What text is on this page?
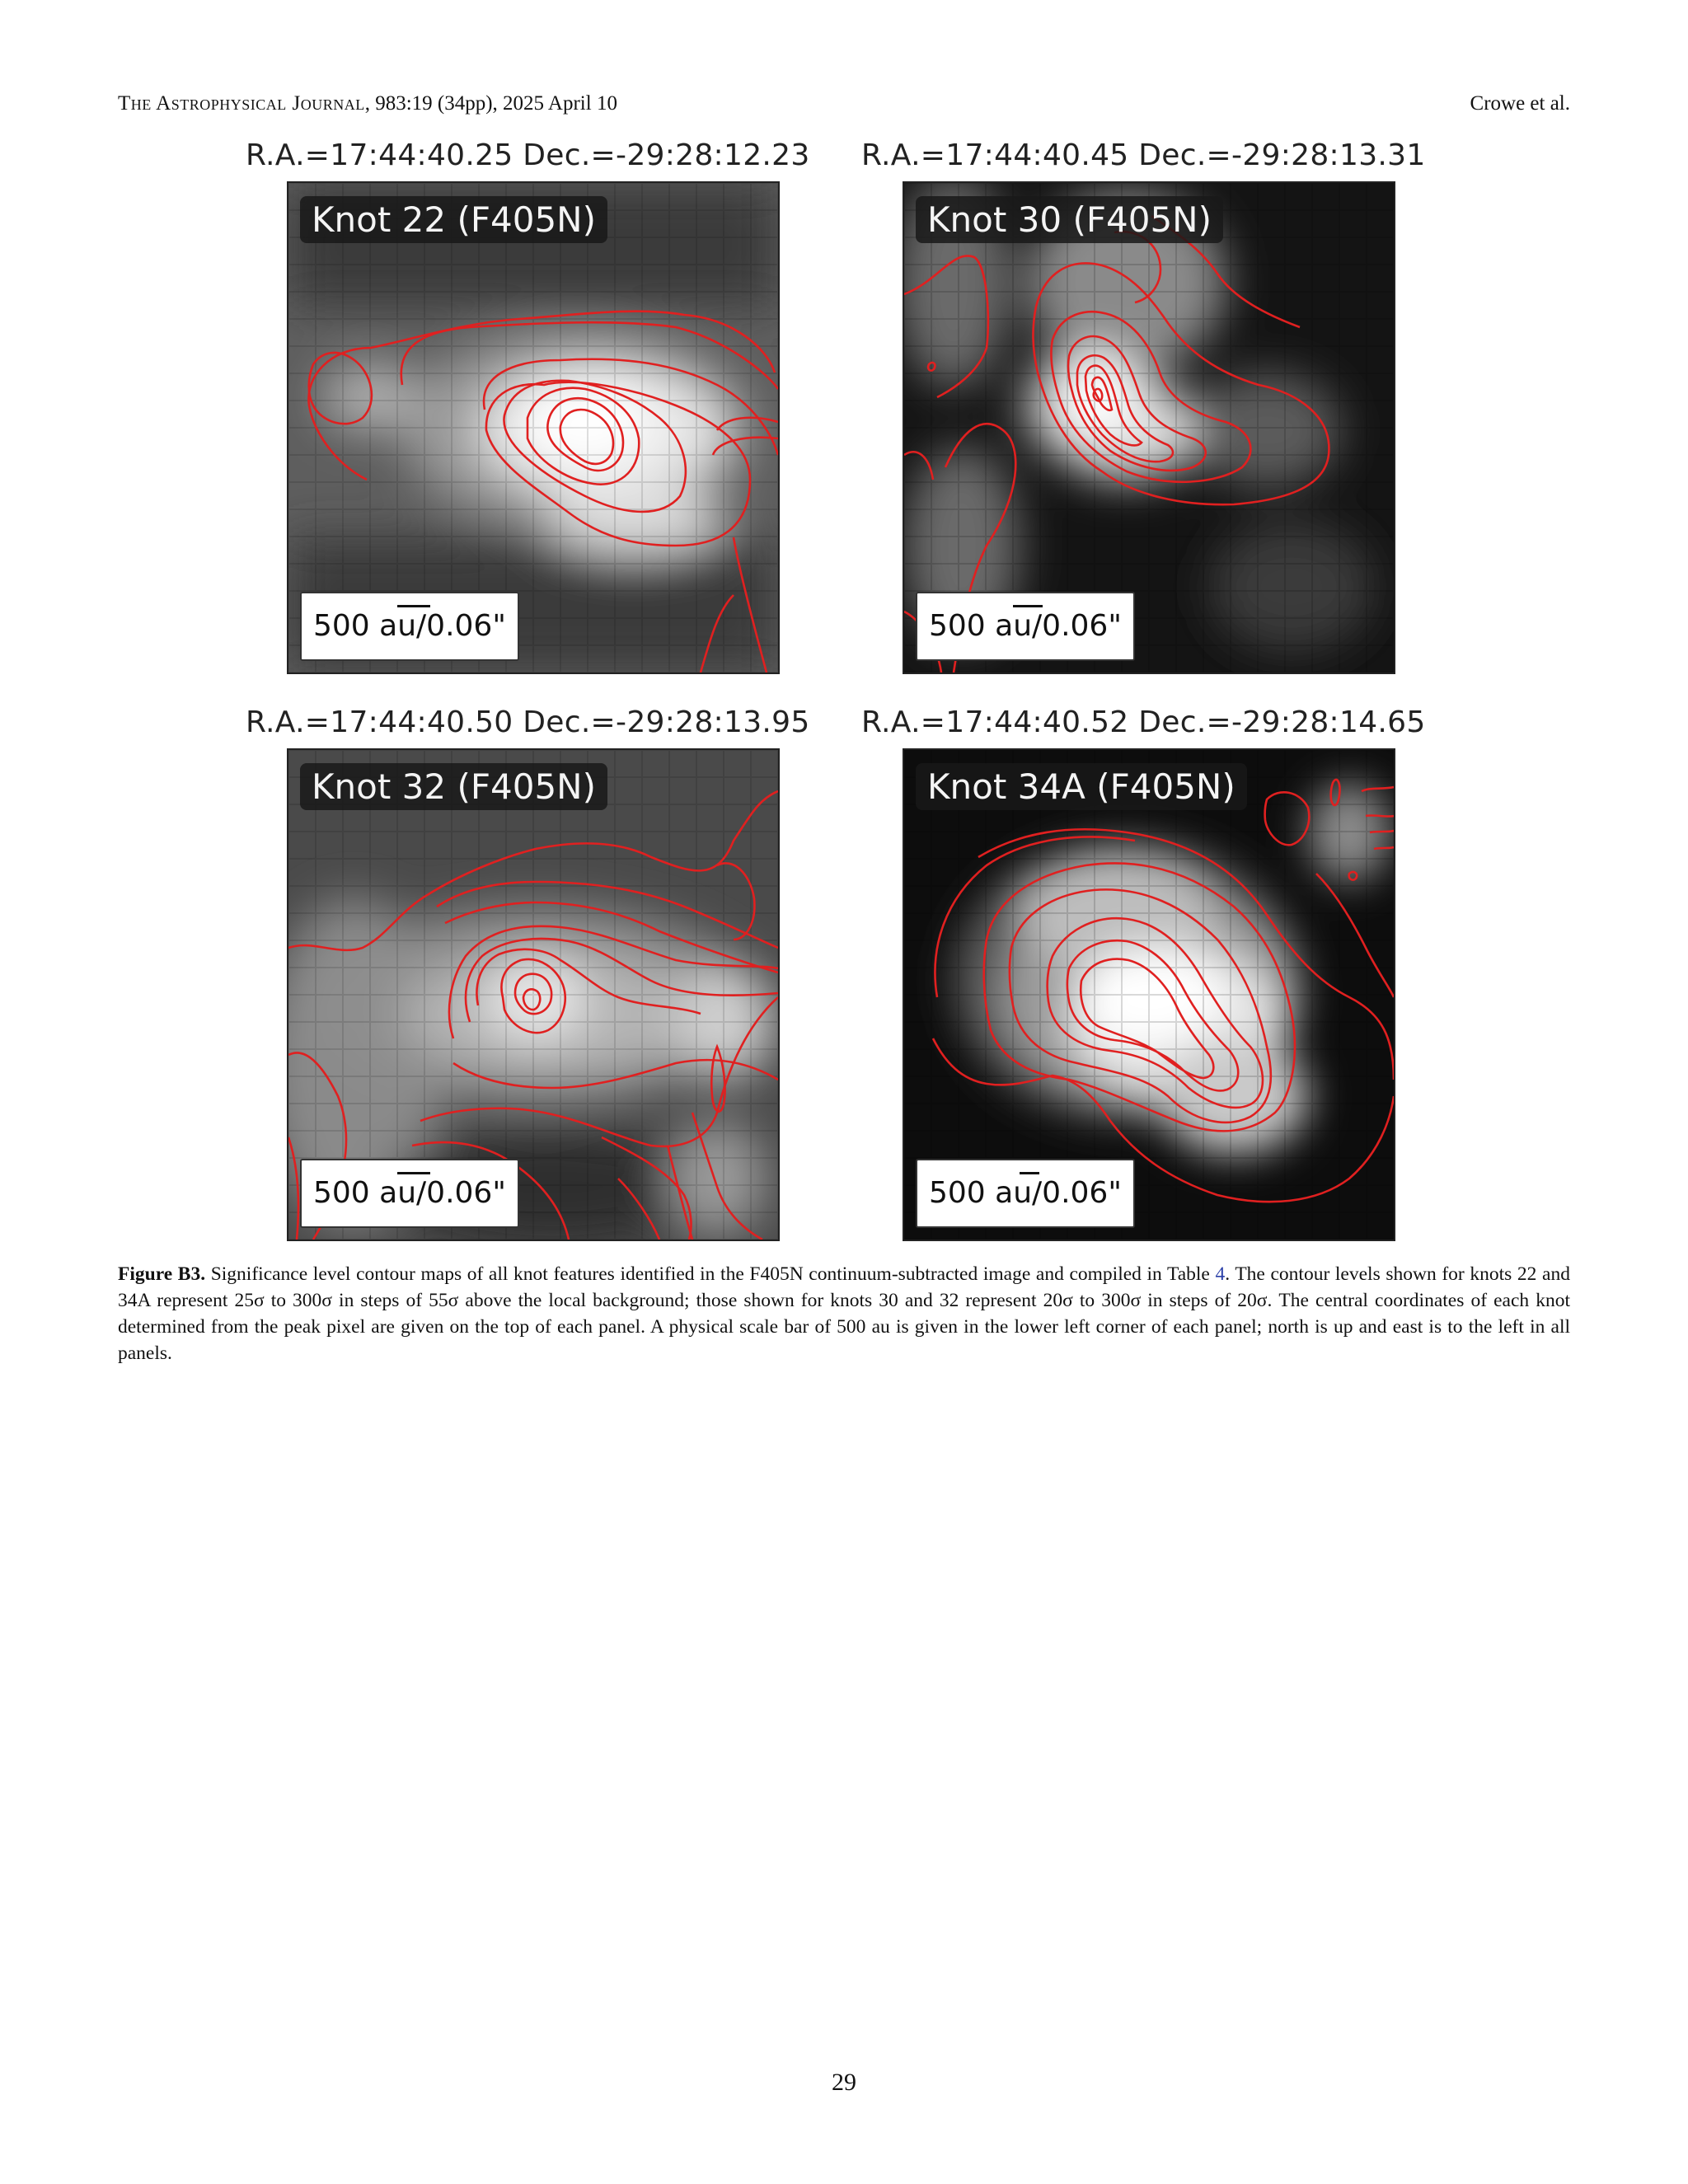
The Astrophysical Journal, 983:19 (34pp), 2025 April 10	Crowe et al.
R.A.=17:44:40.25 Dec.=-29:28:12.23
Knot 22 (F405N)
500 au/0.06"
R.A.=17:44:40.45 Dec.=-29:28:13.31
Knot 30 (F405N)
500 au/0.06"
R.A.=17:44:40.50 Dec.=-29:28:13.95
Knot 32 (F405N)
500 au/0.06"
R.A.=17:44:40.52 Dec.=-29:28:14.65
Knot 34A (F405N)
500 au/0.06"
Figure B3. Significance level contour maps of all knot features identified in the F405N continuum-subtracted image and compiled in Table 4. The contour levels shown for knots 22 and 34A represent 25σ to 300σ in steps of 55σ above the local background; those shown for knots 30 and 32 represent 20σ to 300σ in steps of 20σ. The central coordinates of each knot determined from the peak pixel are given on the top of each panel. A physical scale bar of 500 au is given in the lower left corner of each panel; north is up and east is to the left in all panels.
29
